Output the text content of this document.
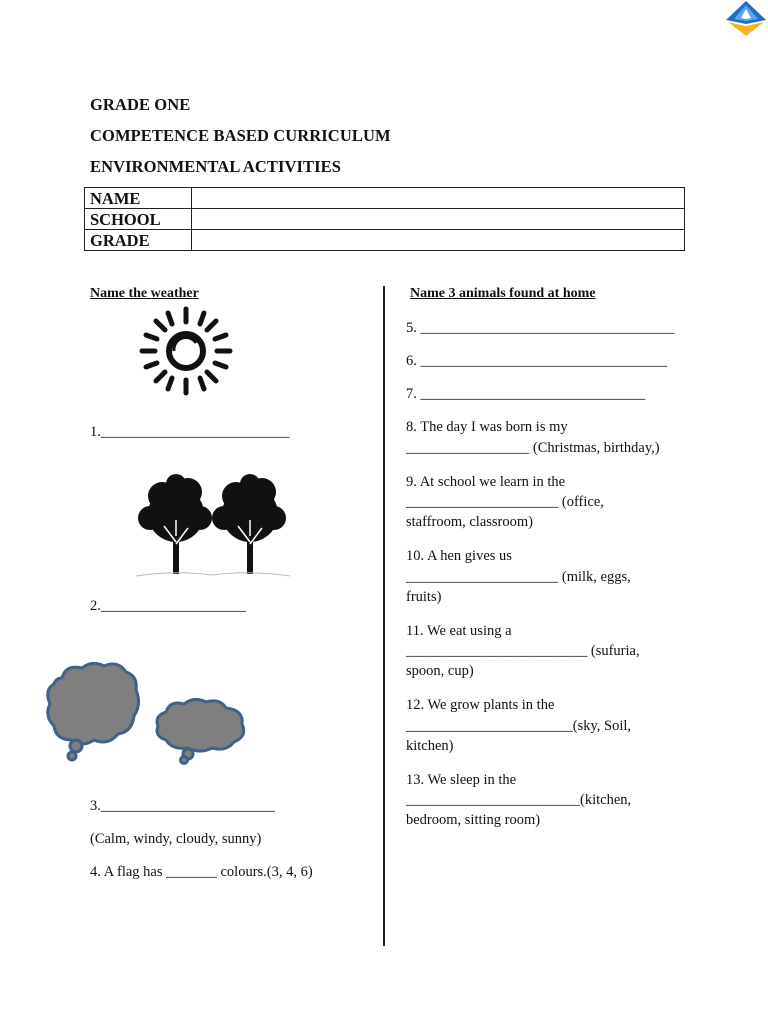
GRADE ONE
COMPETENCE BASED CURRICULUM
ENVIRONMENTAL ACTIVITIES
NAME	
SCHOOL	
GRADE	
Name the weather
1.__________________________
2.____________________
3.________________________
(Calm, windy, cloudy, sunny)
4. A flag has _______ colours.(3, 4, 6)
Name 3 animals found at home
5. ___________________________________
6. __________________________________
7. _______________________________
8. The day I was born is my
_________________ (Christmas, birthday,)
9. At school we learn in the
_____________________ (office,
staffroom, classroom)
10. A hen gives us
_____________________ (milk, eggs,
fruits)
11. We eat using a
_________________________ (sufuria,
spoon, cup)
12. We grow plants in the
_______________________(sky, Soil,
kitchen)
13. We sleep in the
________________________(kitchen,
bedroom, sitting room)
